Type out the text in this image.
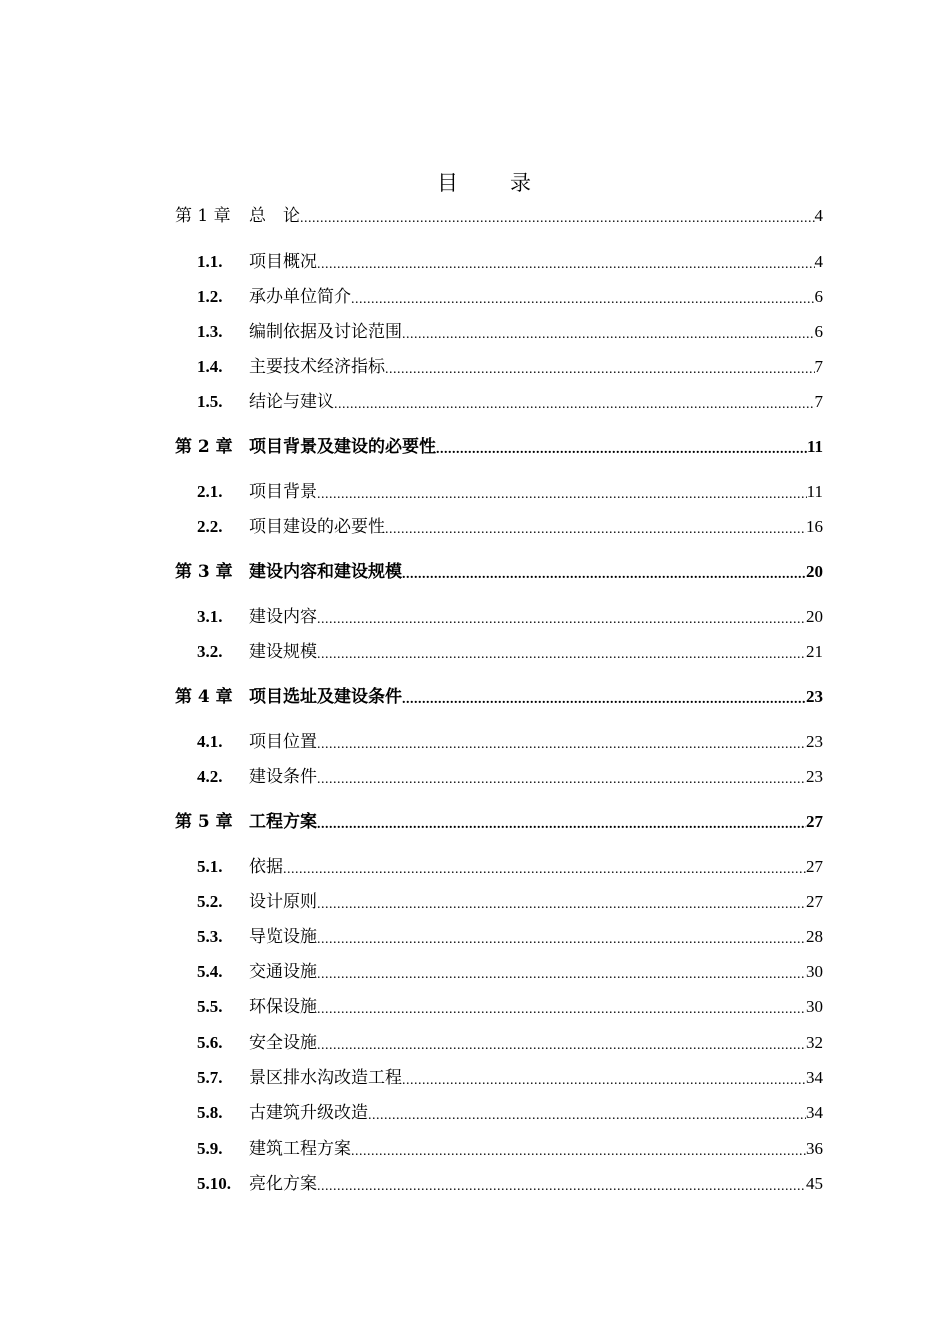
目录
第 1 章	总　论 .....	4
1.1.	项目概况 .....	4
1.2.	承办单位简介 .....	6
1.3.	编制依据及讨论范围 .....	6
1.4.	主要技术经济指标 .....	7
1.5.	结论与建议 .....	7
第 2 章 项目背景及建设的必要性 .....	11
2.1.	项目背景 .....	11
2.2.	项目建设的必要性 .....	16
第 3 章 建设内容和建设规模 .....	20
3.1.	建设内容 .....	20
3.2.	建设规模 .....	21
第 4 章 项目选址及建设条件 .....	23
4.1.	项目位置 .....	23
4.2.	建设条件 .....	23
第 5 章 工程方案 .....	27
5.1.	依据 .....	27
5.2.	设计原则 .....	27
5.3.	导览设施 .....	28
5.4.	交通设施 .....	30
5.5.	环保设施 .....	30
5.6.	安全设施 .....	32
5.7.	景区排水沟改造工程 .....	34
5.8.	古建筑升级改造 .....	34
5.9.	建筑工程方案 .....	36
5.10.	亮化方案 .....	45
